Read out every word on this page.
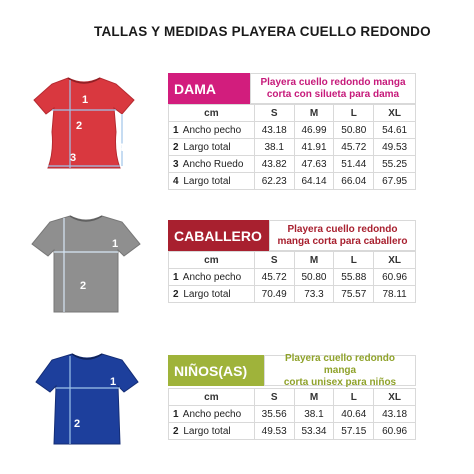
TALLAS Y MEDIDAS PLAYERA CUELLO REDONDO
1
2
3
4
DAMA	Playera cuello redondo manga
corta con silueta para dama
cm	S	M	L	XL
1 Ancho pecho	43.18	46.99	50.80	54.61
2 Largo total	38.1	41.91	45.72	49.53
3 Ancho Ruedo	43.82	47.63	51.44	55.25
4 Largo total	62.23	64.14	66.04	67.95
1
2
CABALLERO	Playera cuello redondo
manga corta para caballero
cm	S	M	L	XL
1 Ancho pecho	45.72	50.80	55.88	60.96
2 Largo total	70.49	73.3	75.57	78.11
1
2
NIÑOS(AS)
Playera cuello redondo manga
corta unisex para niños
cm	S	M	L	XL
1 Ancho pecho	35.56	38.1	40.64	43.18
2 Largo total	49.53	53.34	57.15	60.96
